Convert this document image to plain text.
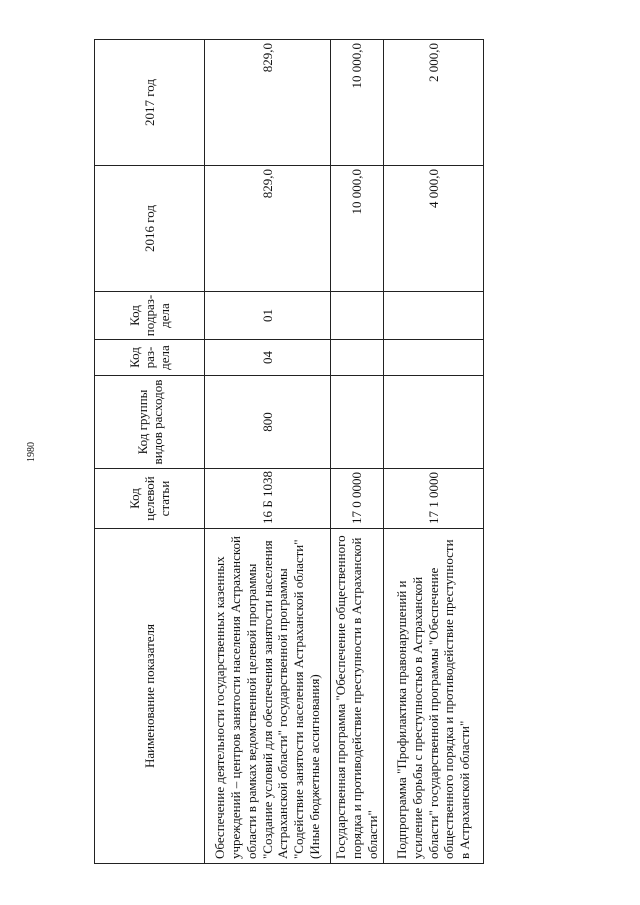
1980
Наименование показателя	Код целевой статьи	Код группы видов расходов	Код раз-дела	Код подраз-дела	2016 год	2017 год
Обеспечение деятельности государственных казенных учреждений – центров занятости населения Астраханской области в рамках ведомственной целевой программы "Создание условий для обеспечения занятости населения Астраханской области" государственной программы "Содействие занятости населения Астраханской области" (Иные бюджетные ассигнования)	16 Б 1038	800	04	01	829,0	829,0
Государственная программа "Обеспечение общественного порядка и противодействие преступности в Астраханской области"	17 0 0000				10 000,0	10 000,0
Подпрограмма "Профилактика правонарушений и усиление борьбы с преступностью в Астраханской области" государственной программы "Обеспечение общественного порядка и противодействие преступности в Астраханской области"	17 1 0000				4 000,0	2 000,0
